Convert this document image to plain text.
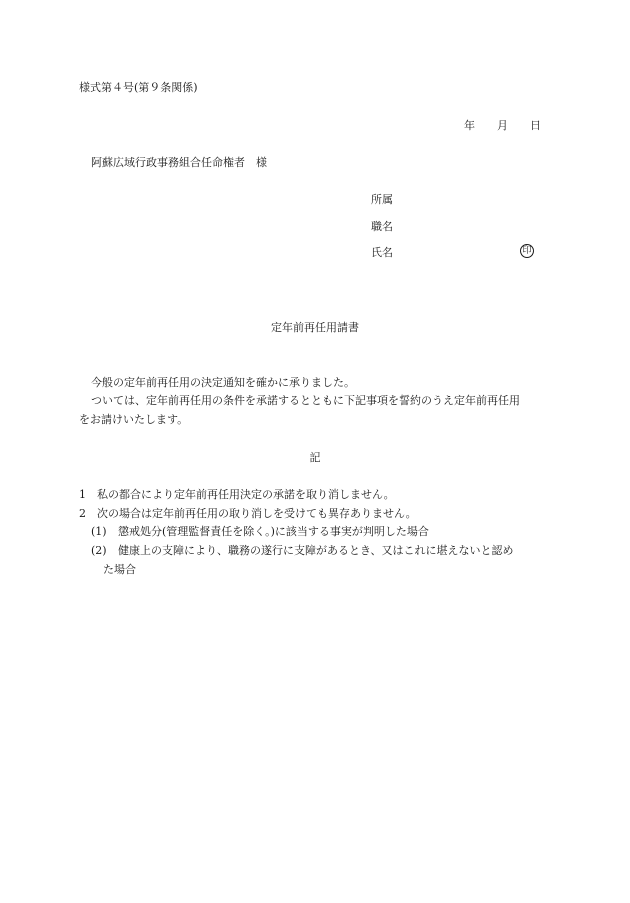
様式第４号(第９条関係)
年 月 日
阿蘇広域行政事務組合任命権者　様
所属
職名
氏名	印
定年前再任用請書
今般の定年前再任用の決定通知を確かに承りました。
ついては、定年前再任用の条件を承諾するとともに下記事項を誓約のうえ定年前再任用
をお請けいたします。
記
1 私の都合により定年前再任用決定の承諾を取り消しません。
2 次の場合は定年前再任用の取り消しを受けても異存ありません。
(1) 懲戒処分(管理監督責任を除く。)に該当する事実が判明した場合
(2) 健康上の支障により、職務の遂行に支障があるとき、又はこれに堪えないと認め
た場合
